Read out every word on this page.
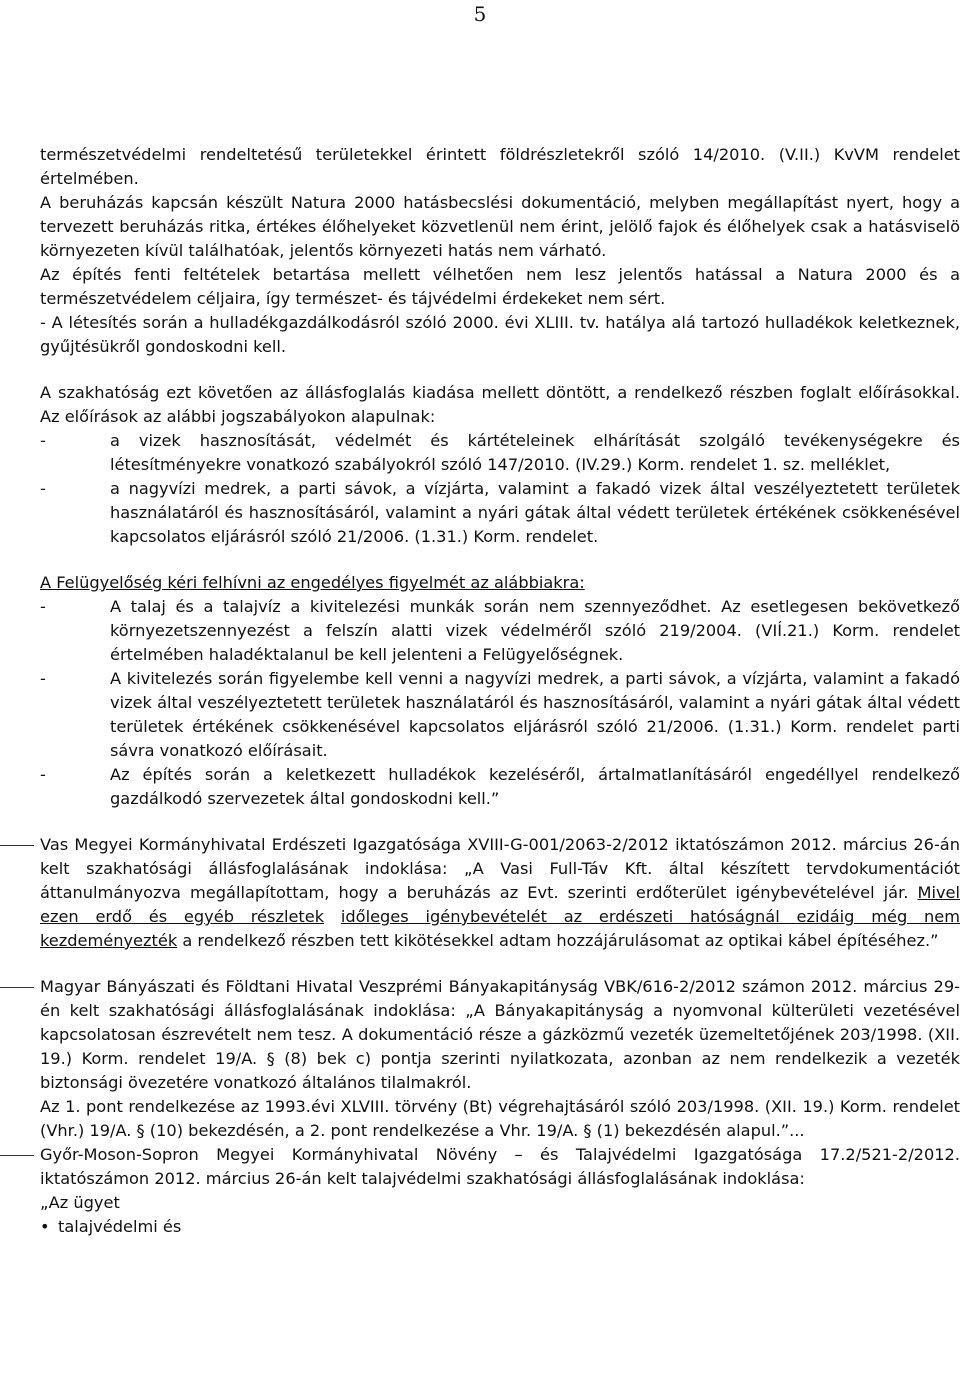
5
természetvédelmi rendeltetésű területekkel érintett földrészletekről szóló 14/2010. (V.II.) KvVM rendelet értelmében.
A beruházás kapcsán készült Natura 2000 hatásbecslési dokumentáció, melyben megállapítást nyert, hogy a tervezett beruházás ritka, értékes élőhelyeket közvetlenül nem érint, jelölő fajok és élőhelyek csak a hatásviselö környezeten kívül találhatóak, jelentős környezeti hatás nem várható.
Az építés fenti feltételek betartása mellett vélhetően nem lesz jelentős hatással a Natura 2000 és a természetvédelem céljaira, így természet- és tájvédelmi érdekeket nem sért.
- A létesítés során a hulladékgazdálkodásról szóló 2000. évi XLIII. tv. hatálya alá tartozó hulladékok keletkeznek, gyűjtésükről gondoskodni kell.
A szakhatóság ezt követően az állásfoglalás kiadása mellett döntött, a rendelkező részben foglalt előírásokkal. Az előírások az alábbi jogszabályokon alapulnak:
-	a vizek hasznosítását, védelmét és kártételeinek elhárítását szolgáló tevékenységekre és létesítményekre vonatkozó szabályokról szóló 147/2010. (IV.29.) Korm. rendelet 1. sz. melléklet,
-	a nagyvízi medrek, a parti sávok, a vízjárta, valamint a fakadó vizek által veszélyeztetett területek használatáról és hasznosításáról, valamint a nyári gátak által védett területek értékének csökkenésével kapcsolatos eljárásról szóló 21/2006. (1.31.) Korm. rendelet.
A Felügyelőség kéri felhívni az engedélyes figyelmét az alábbiakra:
-	A talaj és a talajvíz a kivitelezési munkák során nem szennyeződhet. Az esetlegesen bekövetkező környezetszennyezést a felszín alatti vizek védelméről szóló 219/2004. (VIÍ.21.) Korm. rendelet értelmében haladéktalanul be kell jelenteni a Felügyelőségnek.
-	A kivitelezés során figyelembe kell venni a nagyvízi medrek, a parti sávok, a vízjárta, valamint a fakadó vizek által veszélyeztetett területek használatáról és hasznosításáról, valamint a nyári gátak által védett területek értékének csökkenésével kapcsolatos eljárásról szóló 21/2006. (1.31.) Korm. rendelet parti sávra vonatkozó előírásait.
-	Az építés során a keletkezett hulladékok kezeléséről, ártalmatlanításáról engedéllyel rendelkező gazdálkodó szervezetek által gondoskodni kell.”
Vas Megyei Kormányhivatal Erdészeti Igazgatósága XVIII-G-001/2063-2/2012 iktatószámon 2012. március 26-án kelt szakhatósági állásfoglalásának indoklása: „A Vasi Full-Táv Kft. által készített tervdokumentációt áttanulmányozva megállapítottam, hogy a beruházás az Evt. szerinti erdőterület igénybevételével jár. Mivel ezen erdő és egyéb részletek időleges igénybevételét az erdészeti hatóságnál ezidáig még nem kezdeményezték a rendelkező részben tett kikötésekkel adtam hozzájárulásomat az optikai kábel építéséhez.”
Magyar Bányászati és Földtani Hivatal Veszprémi Bányakapitányság VBK/616-2/2012 számon 2012. március 29-én kelt szakhatósági állásfoglalásának indoklása: „A Bányakapitányság a nyomvonal külterületi vezetésével kapcsolatosan észrevételt nem tesz. A dokumentáció része a gázközmű vezeték üzemeltetőjének 203/1998. (XII. 19.) Korm. rendelet 19/A. § (8) bek c) pontja szerinti nyilatkozata, azonban az nem rendelkezik a vezeték biztonsági övezetére vonatkozó általános tilalmakról.
Az 1. pont rendelkezése az 1993.évi XLVIII. törvény (Bt) végrehajtásáról szóló 203/1998. (XII. 19.) Korm. rendelet (Vhr.) 19/A. § (10) bekezdésén, a 2. pont rendelkezése a Vhr. 19/A. § (1) bekezdésén alapul.”...
Győr-Moson-Sopron Megyei Kormányhivatal Növény – és Talajvédelmi Igazgatósága 17.2/521-2/2012. iktatószámon 2012. március 26-án kelt talajvédelmi szakhatósági állásfoglalásának indoklása:
„Az ügyet
• talajvédelmi és
